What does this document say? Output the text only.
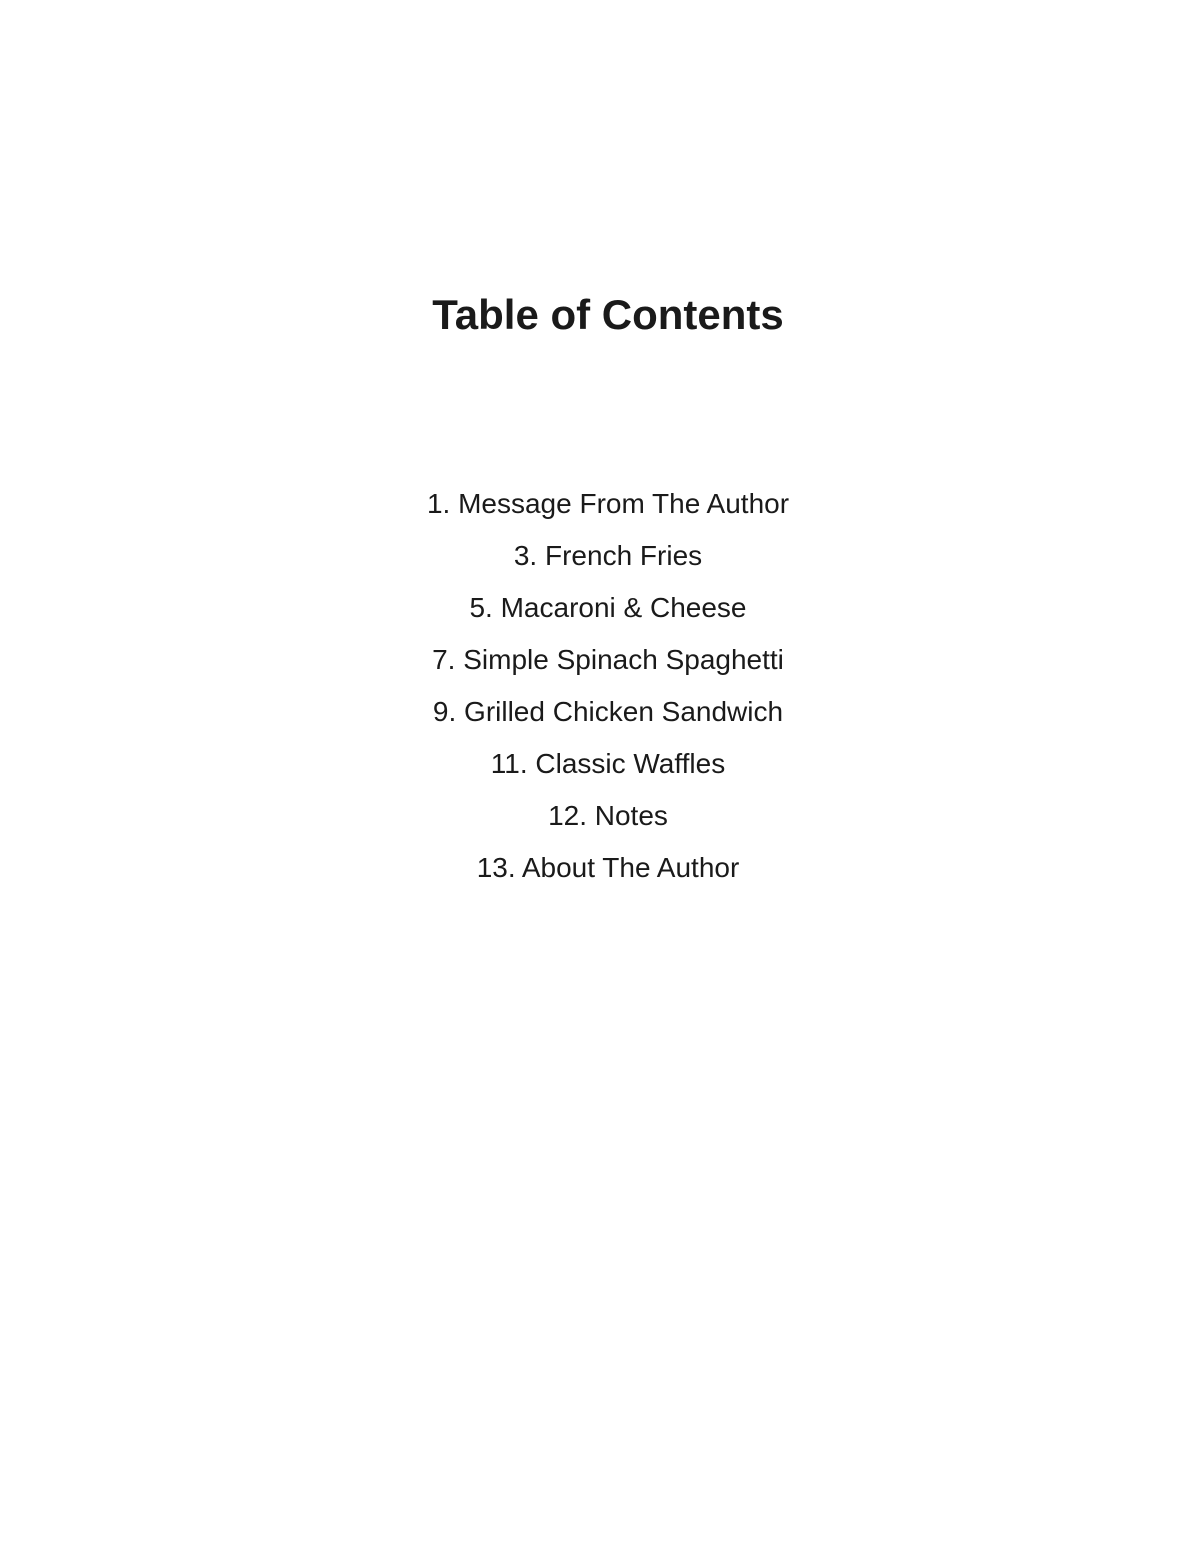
Table of Contents
1. Message From The Author
3. French Fries
5. Macaroni & Cheese
7. Simple Spinach Spaghetti
9. Grilled Chicken Sandwich
11. Classic Waffles
12. Notes
13. About The Author
